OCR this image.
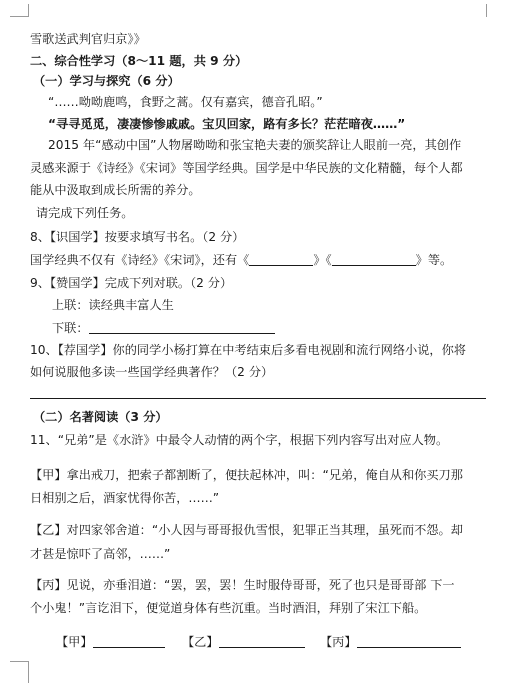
雪歌送武判官归京》》
二、综合性学习（8～11 题，共 9 分）
（一）学习与探究（6 分）
“……呦呦鹿鸣，食野之蒿。仅有嘉宾，德音孔昭。”
“寻寻觅觅，凄凄惨惨戚戚。宝贝回家，路有多长？茫茫暗夜……”
2015 年“感动中国”人物屠呦呦和张宝艳夫妻的颁奖辞让人眼前一亮，其创作
灵感来源于《诗经》《宋词》等国学经典。国学是中华民族的文化精髓，每个人都
能从中汲取到成长所需的养分。
请完成下列任务。
8、【识国学】按要求填写书名。（2 分）
国学经典不仅有《诗经》《宋词》，还有《	》《	》等。
9、【赞国学】完成下列对联。（2 分）
上联：读经典丰富人生
下联：
10、【荐国学】你的同学小杨打算在中考结束后多看电视剧和流行网络小说，你将
如何说服他多读一些国学经典著作？（2 分）
（二）名著阅读（3 分）
11、“兄弟”是《水浒》中最令人动情的两个字，根据下列内容写出对应人物。
【甲】拿出戒刀，把索子都割断了，便扶起林冲，叫：“兄弟，俺自从和你买刀那
日相别之后，酒家忧得你苦，……”
【乙】对四家邻舍道：“小人因与哥哥报仇雪恨，犯罪正当其理，虽死而不怨。却
才甚是惊吓了高邻，……”
【丙】见说，亦垂泪道：“罢，罢，罢！生时服侍哥哥，死了也只是哥哥部 下一
个小鬼！”言讫泪下，便觉道身体有些沉重。当时酒泪，拜别了宋江下船。
【甲】	【乙】	【丙】
